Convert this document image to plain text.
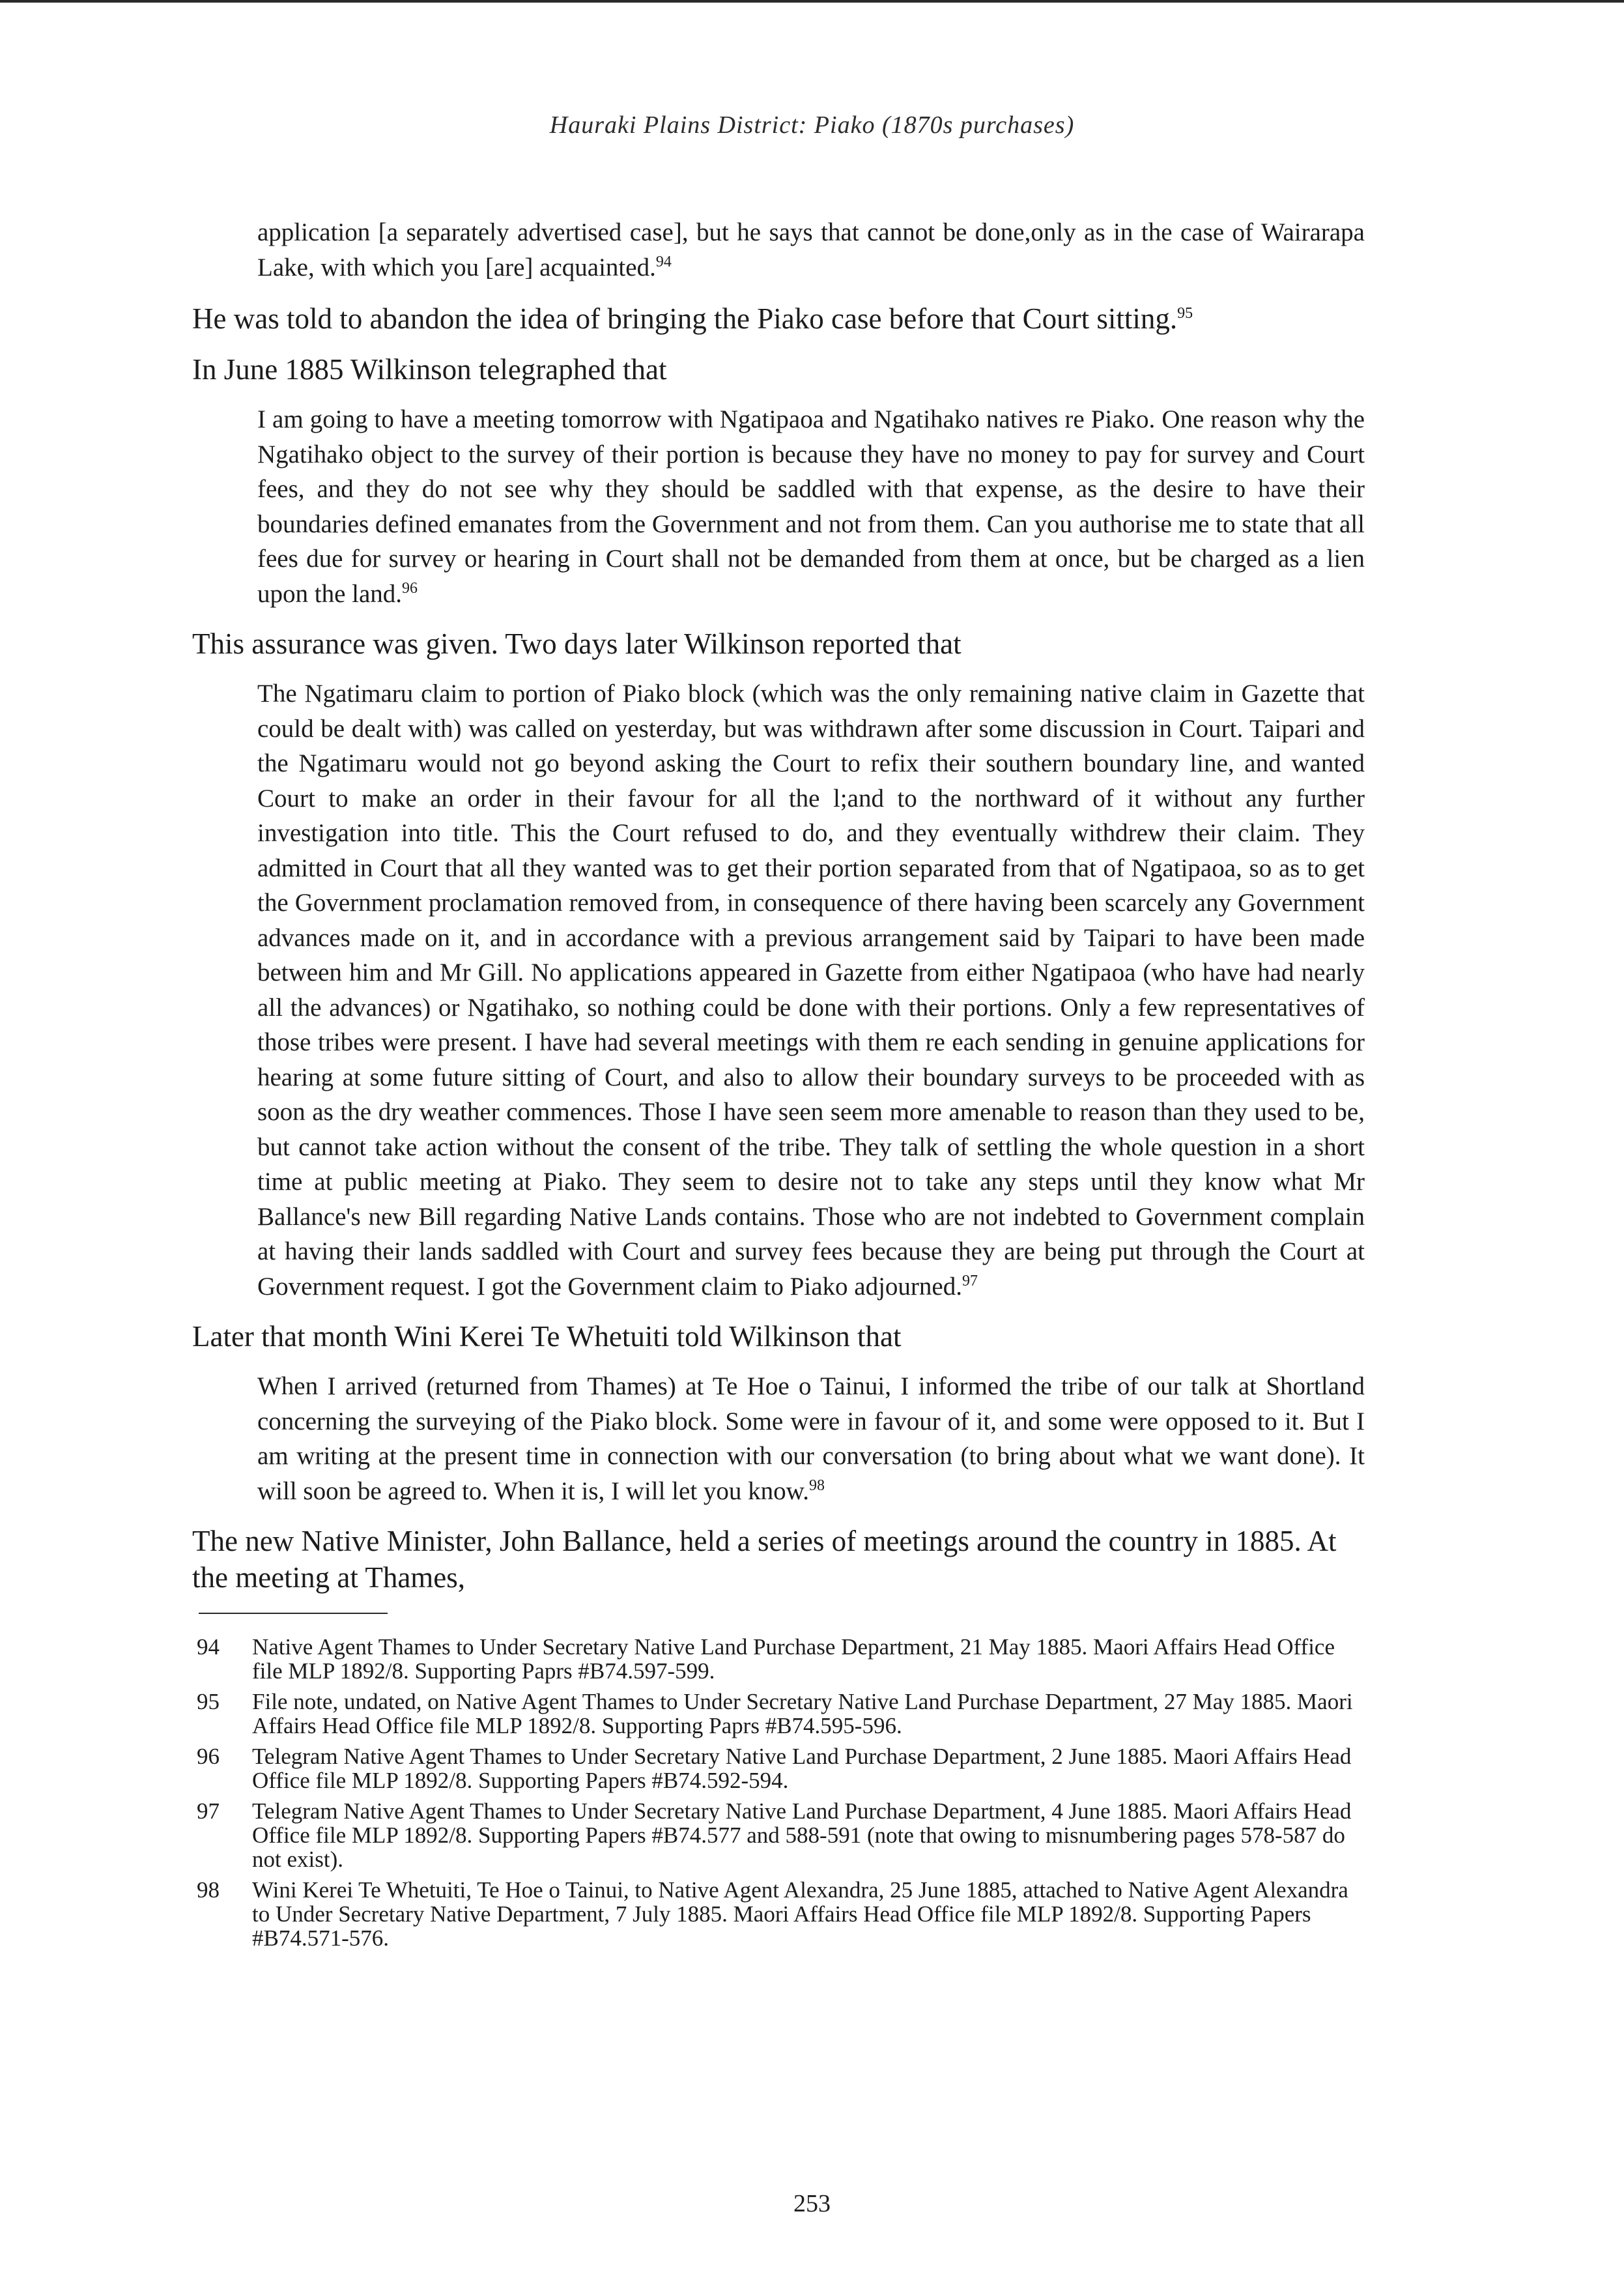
Hauraki Plains District: Piako (1870s purchases)
application [a separately advertised case], but he says that cannot be done,only as in the case of Wairarapa Lake, with which you [are] acquainted.$^{94}$
He was told to abandon the idea of bringing the Piako case before that Court sitting.$^{95}$
In June 1885 Wilkinson telegraphed that
I am going to have a meeting tomorrow with Ngatipaoa and Ngatihako natives re Piako. One reason why the Ngatihako object to the survey of their portion is because they have no money to pay for survey and Court fees, and they do not see why they should be saddled with that expense, as the desire to have their boundaries defined emanates from the Government and not from them. Can you authorise me to state that all fees due for survey or hearing in Court shall not be demanded from them at once, but be charged as a lien upon the land.$^{96}$
This assurance was given. Two days later Wilkinson reported that
The Ngatimaru claim to portion of Piako block (which was the only remaining native claim in Gazette that could be dealt with) was called on yesterday, but was withdrawn after some discussion in Court. Taipari and the Ngatimaru would not go beyond asking the Court to refix their southern boundary line, and wanted Court to make an order in their favour for all the l;and to the northward of it without any further investigation into title. This the Court refused to do, and they eventually withdrew their claim. They admitted in Court that all they wanted was to get their portion separated from that of Ngatipaoa, so as to get the Government proclamation removed from, in consequence of there having been scarcely any Government advances made on it, and in accordance with a previous arrangement said by Taipari to have been made between him and Mr Gill. No applications appeared in Gazette from either Ngatipaoa (who have had nearly all the advances) or Ngatihako, so nothing could be done with their portions. Only a few representatives of those tribes were present. I have had several meetings with them re each sending in genuine applications for hearing at some future sitting of Court, and also to allow their boundary surveys to be proceeded with as soon as the dry weather commences. Those I have seen seem more amenable to reason than they used to be, but cannot take action without the consent of the tribe. They talk of settling the whole question in a short time at public meeting at Piako. They seem to desire not to take any steps until they know what Mr Ballance's new Bill regarding Native Lands contains. Those who are not indebted to Government complain at having their lands saddled with Court and survey fees because they are being put through the Court at Government request. I got the Government claim to Piako adjourned.$^{97}$
Later that month Wini Kerei Te Whetuiti told Wilkinson that
When I arrived (returned from Thames) at Te Hoe o Tainui, I informed the tribe of our talk at Shortland concerning the surveying of the Piako block. Some were in favour of it, and some were opposed to it. But I am writing at the present time in connection with our conversation (to bring about what we want done). It will soon be agreed to. When it is, I will let you know.$^{98}$
The new Native Minister, John Ballance, held a series of meetings around the country in 1885. At the meeting at Thames,
94	Native Agent Thames to Under Secretary Native Land Purchase Department, 21 May 1885. Maori Affairs Head Office file MLP 1892/8. Supporting Paprs #B74.597-599.
95	File note, undated, on Native Agent Thames to Under Secretary Native Land Purchase Department, 27 May 1885. Maori Affairs Head Office file MLP 1892/8. Supporting Paprs #B74.595-596.
96	Telegram Native Agent Thames to Under Secretary Native Land Purchase Department, 2 June 1885. Maori Affairs Head Office file MLP 1892/8. Supporting Papers #B74.592-594.
97	Telegram Native Agent Thames to Under Secretary Native Land Purchase Department, 4 June 1885. Maori Affairs Head Office file MLP 1892/8. Supporting Papers #B74.577 and 588-591 (note that owing to misnumbering pages 578-587 do not exist).
98	Wini Kerei Te Whetuiti, Te Hoe o Tainui, to Native Agent Alexandra, 25 June 1885, attached to Native Agent Alexandra to Under Secretary Native Department, 7 July 1885. Maori Affairs Head Office file MLP 1892/8. Supporting Papers #B74.571-576.
253
